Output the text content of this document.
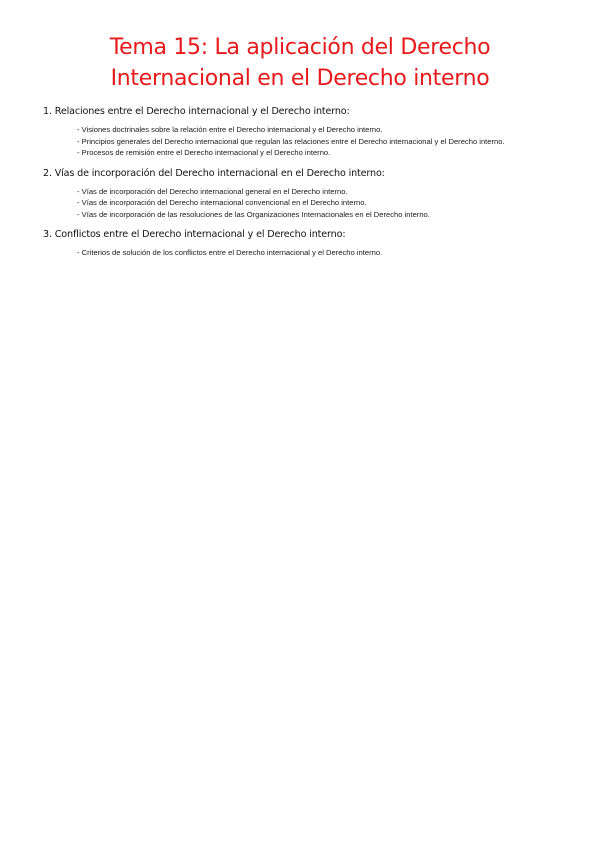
Tema 15: La aplicación del Derecho
Internacional en el Derecho interno
1. Relaciones entre el Derecho internacional y el Derecho interno:
- Visiones doctrinales sobre la relación entre el Derecho internacional y el Derecho interno.
- Principios generales del Derecho internacional que regulan las relaciones entre el Derecho internacional y el Derecho interno.
- Procesos de remisión entre el Derecho internacional y el Derecho interno.
2. Vías de incorporación del Derecho internacional en el Derecho interno:
- Vías de incorporación del Derecho internacional general en el Derecho interno.
- Vías de incorporación del Derecho internacional convencional en el Derecho interno.
- Vías de incorporación de las resoluciones de las Organizaciones Internacionales en el Derecho interno.
3. Conflictos entre el Derecho internacional y el Derecho interno:
- Criterios de solución de los conflictos entre el Derecho internacional y el Derecho interno.
